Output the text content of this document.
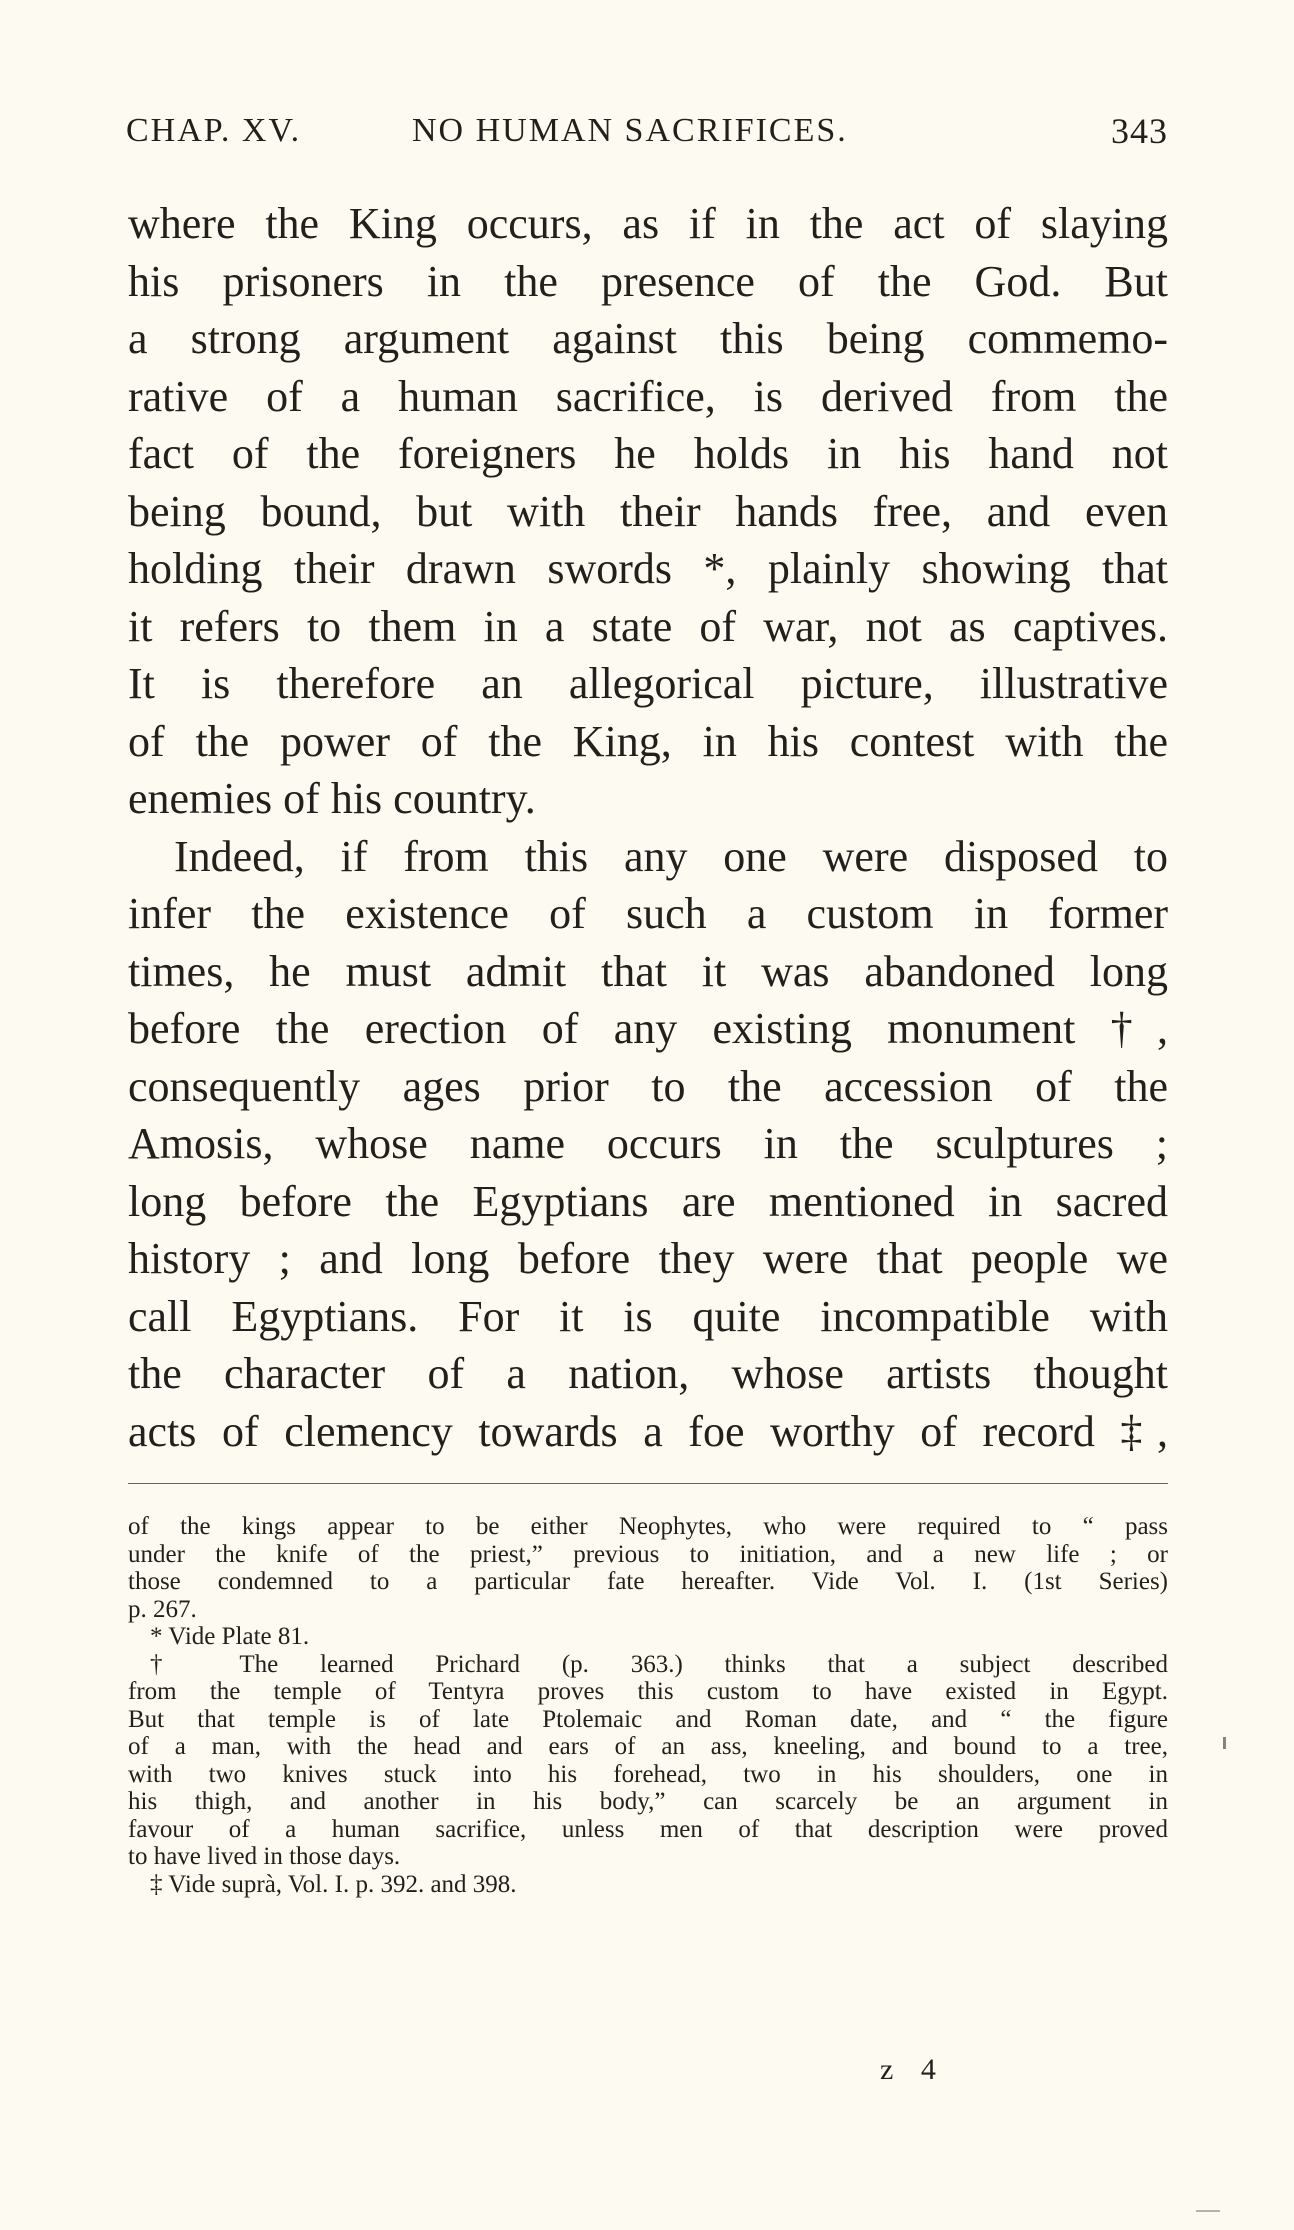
CHAP. XV.	NO HUMAN SACRIFICES.	343
where the King occurs, as if in the act of slaying
his prisoners in the presence of the God. But
a strong argument against this being commemo-
rative of a human sacrifice, is derived from the
fact of the foreigners he holds in his hand not
being bound, but with their hands free, and even
holding their drawn swords *, plainly showing that
it refers to them in a state of war, not as captives.
It is therefore an allegorical picture, illustrative
of the power of the King, in his contest with the
enemies of his country.
Indeed, if from this any one were disposed to
infer the existence of such a custom in former
times, he must admit that it was abandoned long
before the erection of any existing monument †,
consequently ages prior to the accession of the
Amosis, whose name occurs in the sculptures ;
long before the Egyptians are mentioned in sacred
history ; and long before they were that people we
call Egyptians. For it is quite incompatible with
the character of a nation, whose artists thought
acts of clemency towards a foe worthy of record ‡,
of the kings appear to be either Neophytes, who were required to “ pass
under the knife of the priest,” previous to initiation, and a new life ; or
those condemned to a particular fate hereafter. Vide Vol. I. (1st Series)
p. 267.
* Vide Plate 81.
† The learned Prichard (p. 363.) thinks that a subject described
from the temple of Tentyra proves this custom to have existed in Egypt.
But that temple is of late Ptolemaic and Roman date, and “ the figure
of a man, with the head and ears of an ass, kneeling, and bound to a tree,
with two knives stuck into his forehead, two in his shoulders, one in
his thigh, and another in his body,” can scarcely be an argument in
favour of a human sacrifice, unless men of that description were proved
to have lived in those days.
‡ Vide suprà, Vol. I. p. 392. and 398.
z 4
